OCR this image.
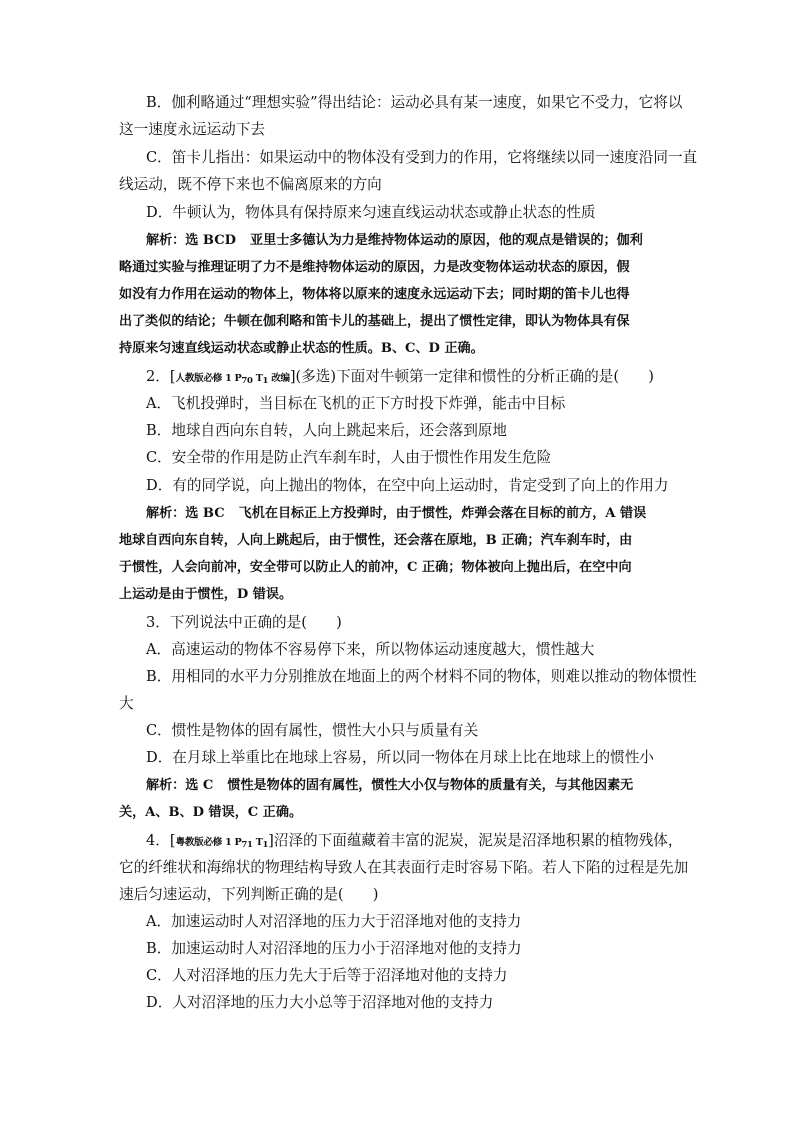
B．伽利略通过“理想实验”得出结论：运动必具有某一速度，如果它不受力，它将以
这一速度永远运动下去
C．笛卡儿指出：如果运动中的物体没有受到力的作用，它将继续以同一速度沿同一直
线运动，既不停下来也不偏离原来的方向
D．牛顿认为，物体具有保持原来匀速直线运动状态或静止状态的性质
解析：选 BCD 亚里士多德认为力是维持物体运动的原因，他的观点是错误的；伽利
略通过实验与推理证明了力不是维持物体运动的原因，力是改变物体运动状态的原因，假
如没有力作用在运动的物体上，物体将以原来的速度永远运动下去；同时期的笛卡儿也得
出了类似的结论；牛顿在伽利略和笛卡儿的基础上，提出了惯性定律，即认为物体具有保
持原来匀速直线运动状态或静止状态的性质。B、C、D 正确。
2．[人教版必修 1 P70 T1 改编](多选)下面对牛顿第一定律和惯性的分析正确的是(　　)
A．飞机投弹时，当目标在飞机的正下方时投下炸弹，能击中目标
B．地球自西向东自转，人向上跳起来后，还会落到原地
C．安全带的作用是防止汽车刹车时，人由于惯性作用发生危险
D．有的同学说，向上抛出的物体，在空中向上运动时，肯定受到了向上的作用力
解析：选 BC 飞机在目标正上方投弹时，由于惯性，炸弹会落在目标的前方，A 错误
地球自西向东自转，人向上跳起后，由于惯性，还会落在原地，B 正确；汽车刹车时，由
于惯性，人会向前冲，安全带可以防止人的前冲，C 正确；物体被向上抛出后，在空中向
上运动是由于惯性，D 错误。
3．下列说法中正确的是(　　)
A．高速运动的物体不容易停下来，所以物体运动速度越大，惯性越大
B．用相同的水平力分别推放在地面上的两个材料不同的物体，则难以推动的物体惯性
大
C．惯性是物体的固有属性，惯性大小只与质量有关
D．在月球上举重比在地球上容易，所以同一物体在月球上比在地球上的惯性小
解析：选 C 惯性是物体的固有属性，惯性大小仅与物体的质量有关，与其他因素无
关，A、B、D 错误，C 正确。
4．[粤教版必修 1 P71 T1]沼泽的下面蕴藏着丰富的泥炭，泥炭是沼泽地积累的植物残体，
它的纤维状和海绵状的物理结构导致人在其表面行走时容易下陷。若人下陷的过程是先加
速后匀速运动，下列判断正确的是(　　)
A．加速运动时人对沼泽地的压力大于沼泽地对他的支持力
B．加速运动时人对沼泽地的压力小于沼泽地对他的支持力
C．人对沼泽地的压力先大于后等于沼泽地对他的支持力
D．人对沼泽地的压力大小总等于沼泽地对他的支持力
